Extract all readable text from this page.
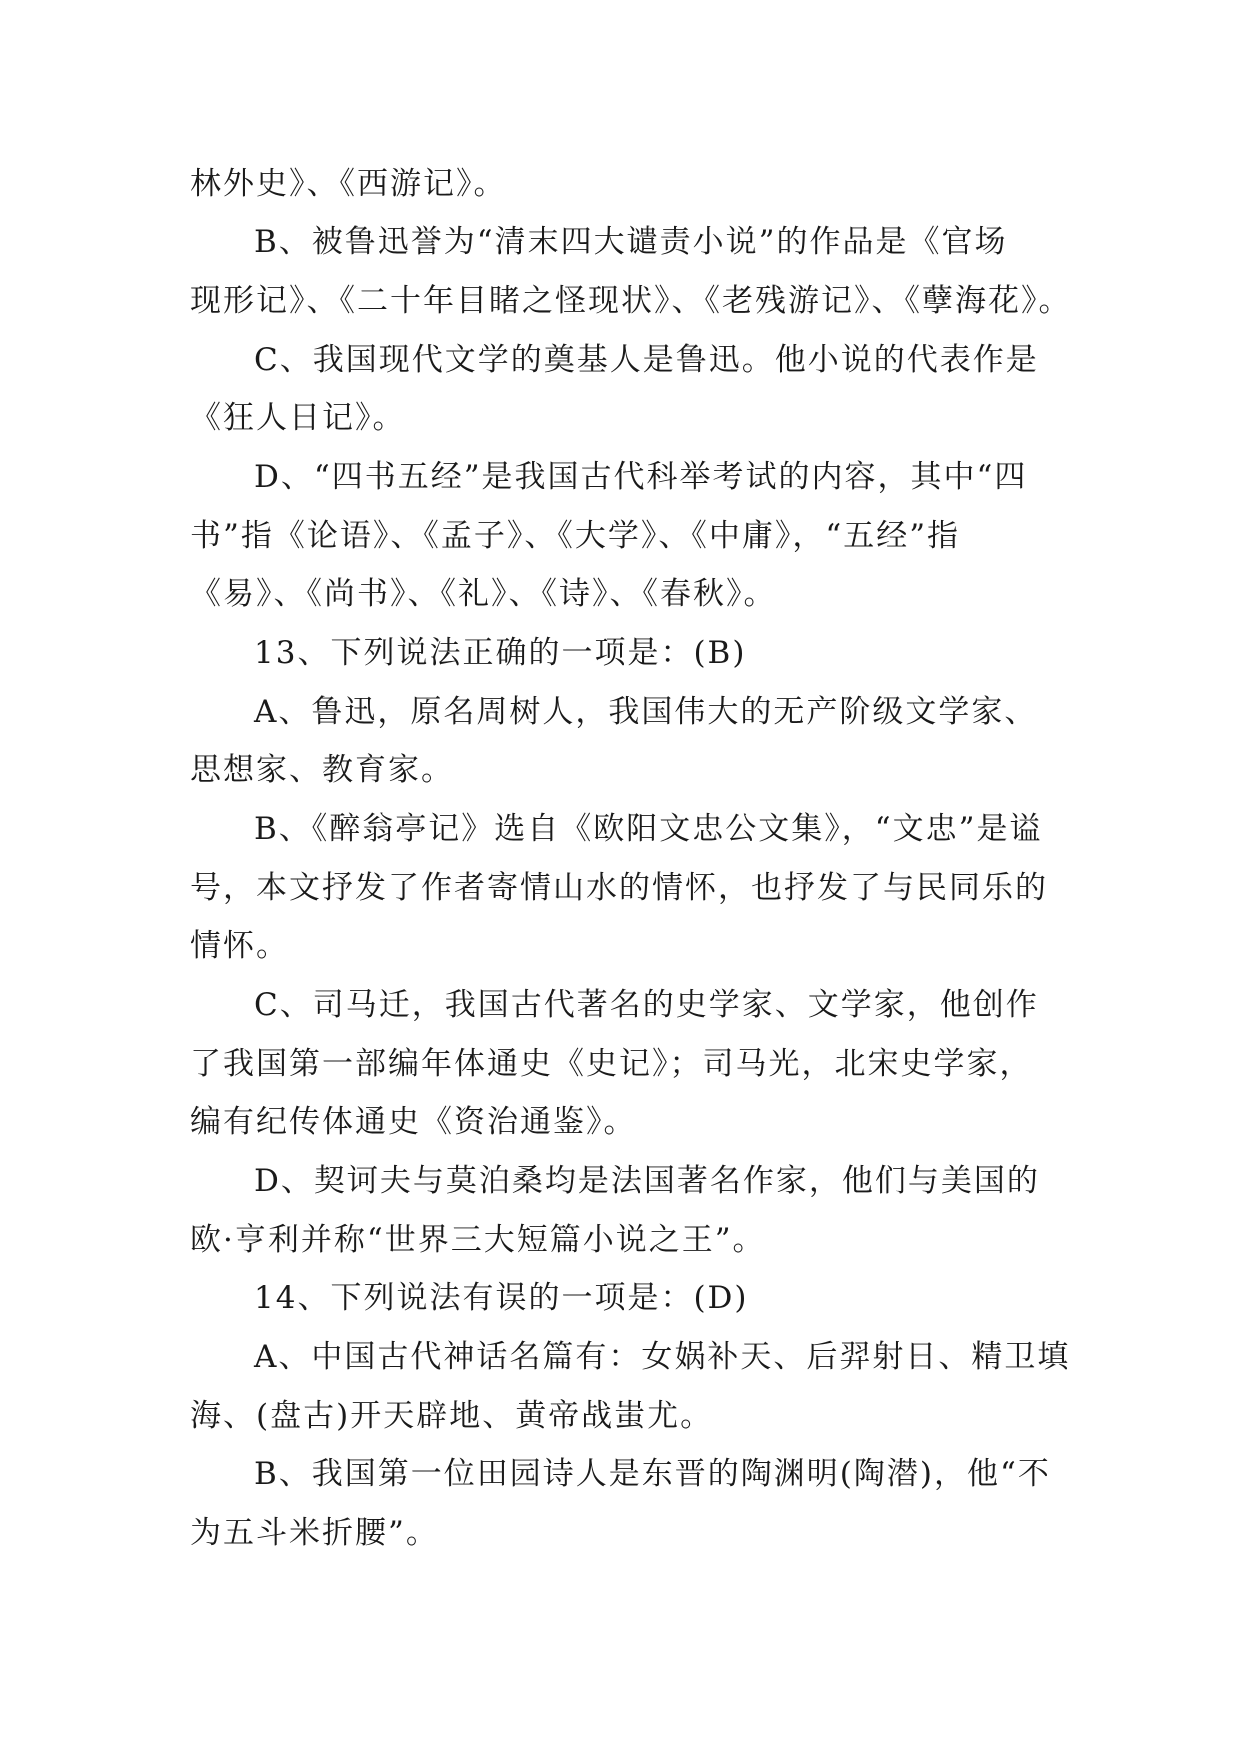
林外史》、《西游记》。
B、被鲁迅誉为“清末四大谴责小说”的作品是《官场
现形记》、《二十年目睹之怪现状》、《老残游记》、《孽海花》。
C、我国现代文学的奠基人是鲁迅。他小说的代表作是
《狂人日记》。
D、“四书五经”是我国古代科举考试的内容，其中“四
书”指《论语》、《孟子》、《大学》、《中庸》，“五经”指
《易》、《尚书》、《礼》、《诗》、《春秋》。
13、下列说法正确的一项是：(B)
A、鲁迅，原名周树人，我国伟大的无产阶级文学家、
思想家、教育家。
B、《醉翁亭记》选自《欧阳文忠公文集》，“文忠”是谥
号，本文抒发了作者寄情山水的情怀，也抒发了与民同乐的
情怀。
C、司马迁，我国古代著名的史学家、文学家，他创作
了我国第一部编年体通史《史记》；司马光，北宋史学家，
编有纪传体通史《资治通鉴》。
D、契诃夫与莫泊桑均是法国著名作家，他们与美国的
欧·亨利并称“世界三大短篇小说之王”。
14、下列说法有误的一项是：(D)
A、中国古代神话名篇有：女娲补天、后羿射日、精卫填
海、(盘古)开天辟地、黄帝战蚩尤。
B、我国第一位田园诗人是东晋的陶渊明(陶潜)，他“不
为五斗米折腰”。
